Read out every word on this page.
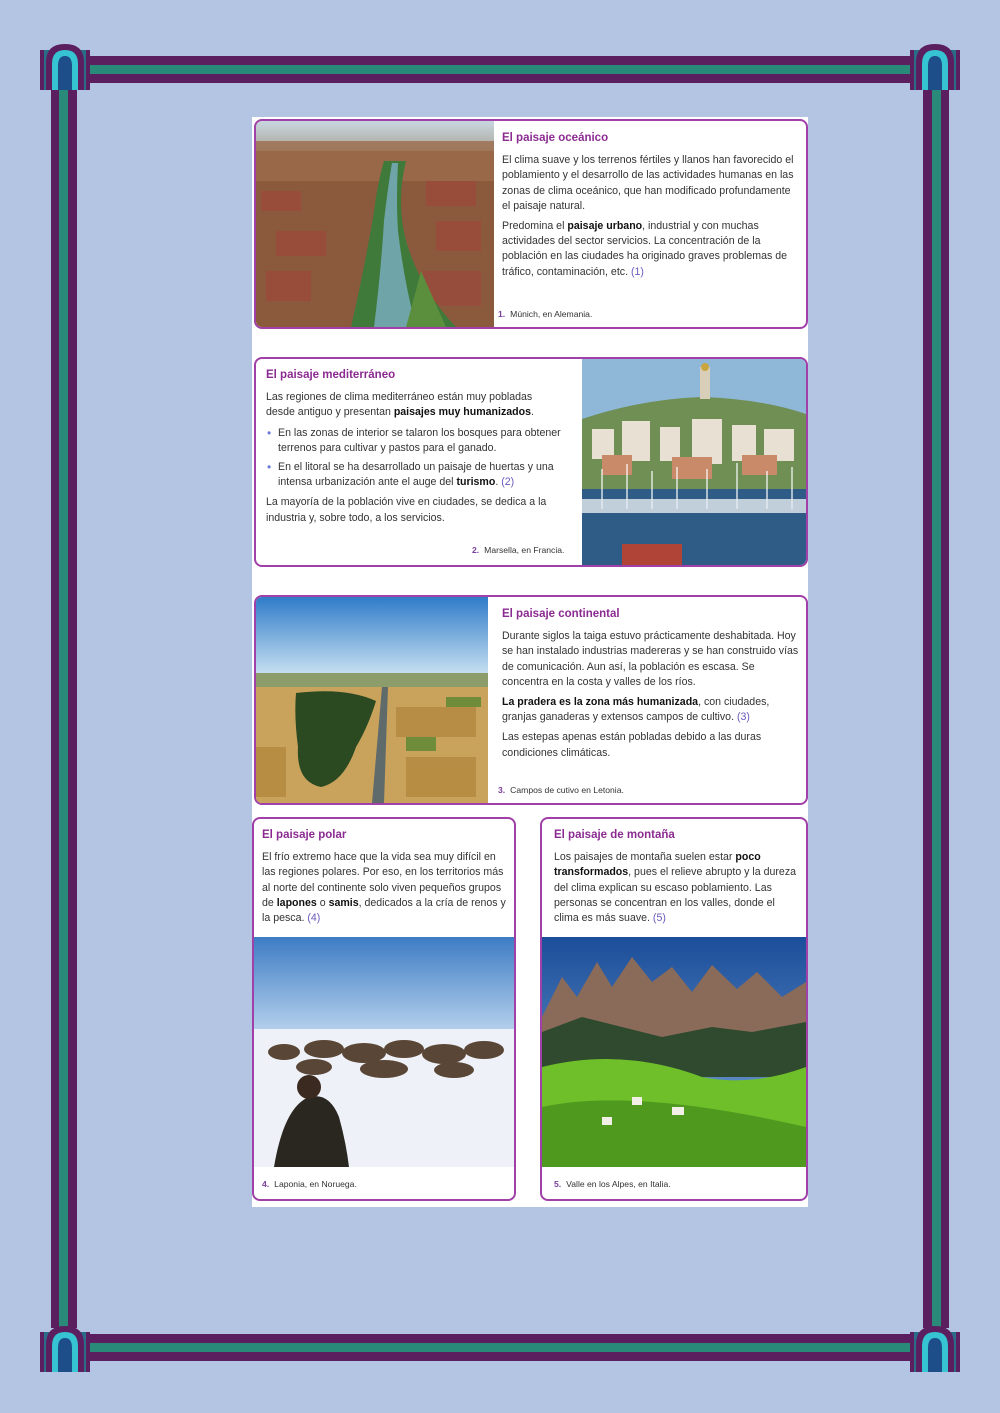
El paisaje oceánico

El clima suave y los terrenos fértiles y llanos han favorecido el poblamiento y el desarrollo de las actividades humanas en las zonas de clima oceánico, que han modificado profundamente el paisaje natural.

Predomina el paisaje urbano, industrial y con muchas actividades del sector servicios. La concentración de la población en las ciudades ha originado graves problemas de tráfico, contaminación, etc. (1)

1. Múnich, en Alemania.
El paisaje mediterráneo

Las regiones de clima mediterráneo están muy pobladas desde antiguo y presentan paisajes muy humanizados.

• En las zonas de interior se talaron los bosques para obtener terrenos para cultivar y pastos para el ganado.
• En el litoral se ha desarrollado un paisaje de huertas y una intensa urbanización ante el auge del turismo. (2)

La mayoría de la población vive en ciudades, se dedica a la industria y, sobre todo, a los servicios.

2. Marsella, en Francia.
El paisaje continental

Durante siglos la taiga estuvo prácticamente deshabitada. Hoy se han instalado industrias madereras y se han construido vías de comunicación. Aun así, la población es escasa. Se concentra en la costa y valles de los ríos.

La pradera es la zona más humanizada, con ciudades, granjas ganaderas y extensos campos de cultivo. (3)

Las estepas apenas están pobladas debido a las duras condiciones climáticas.

3. Campos de cutivo en Letonia.
El paisaje polar

El frío extremo hace que la vida sea muy difícil en las regiones polares. Por eso, en los territorios más al norte del continente solo viven pequeños grupos de lapones o samis, dedicados a la cría de renos y la pesca. (4)

4. Laponia, en Noruega.
El paisaje de montaña

Los paisajes de montaña suelen estar poco transformados, pues el relieve abrupto y la dureza del clima explican su escaso poblamiento. Las personas se concentran en los valles, donde el clima es más suave. (5)

5. Valle en los Alpes, en Italia.
